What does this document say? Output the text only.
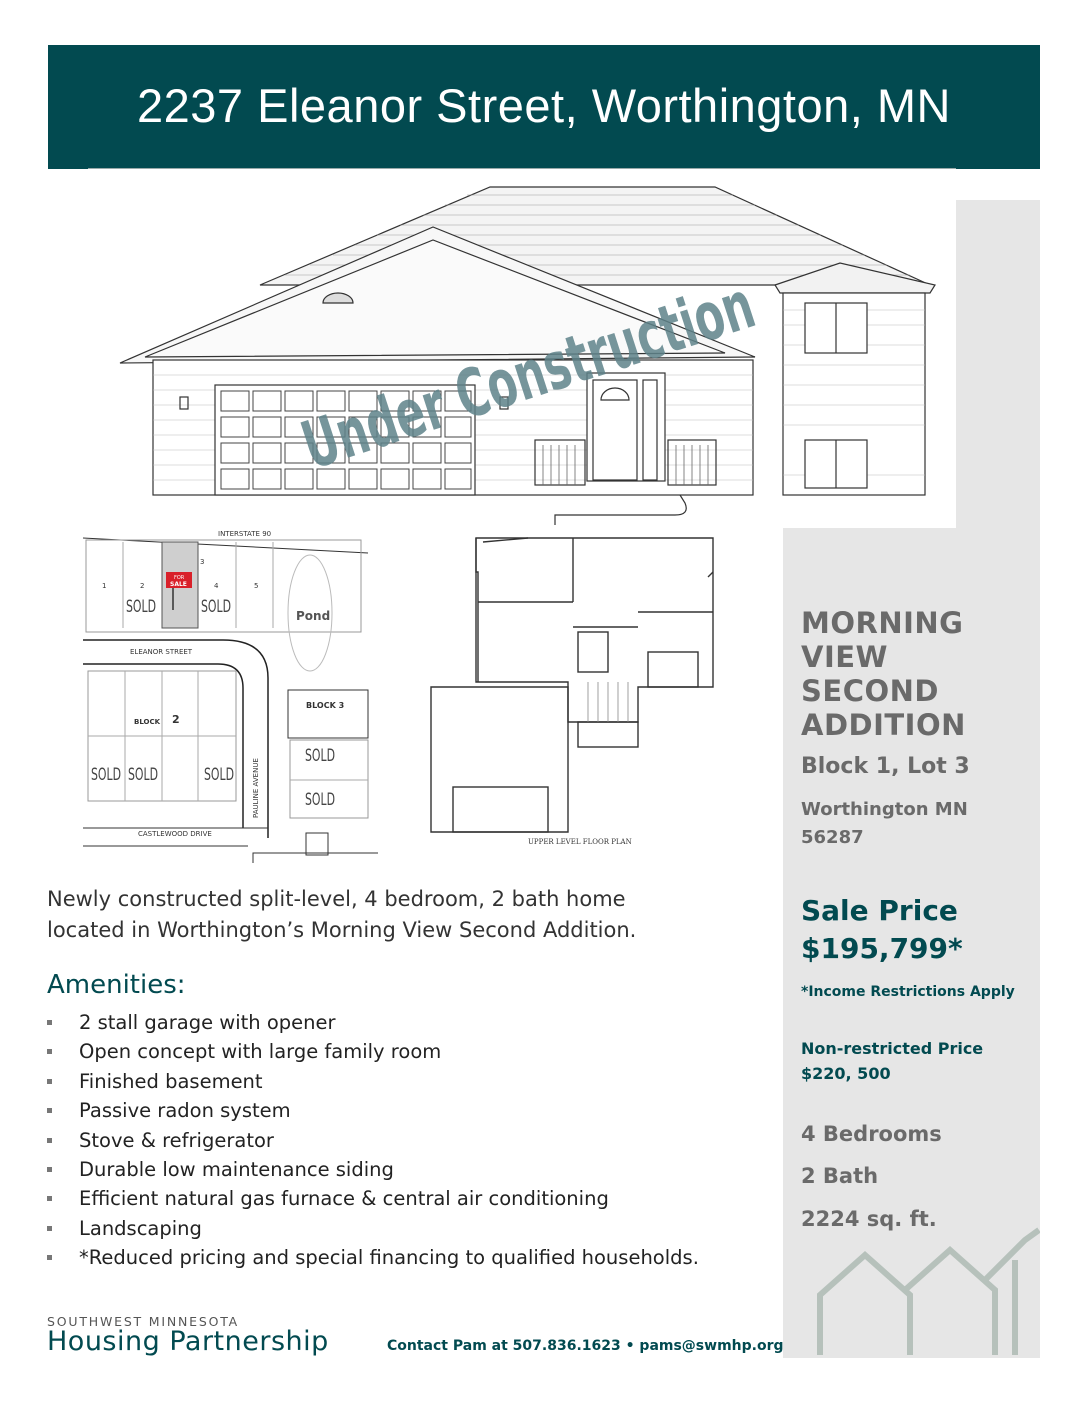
2237 Eleanor Street, Worthington, MN
Under Construction
INTERSTATE 90
ELEANOR STREET
PAULINE AVENUE
CASTLEWOOD DRIVE
Pond
BLOCK 2
BLOCK 3
1	2
3
4	5
SOLD	SOLD
SOLD SOLD	SOLD
SOLD
SOLD
FOR
SALE
UPPER LEVEL FLOOR PLAN
MORNING
VIEW
SECOND
ADDITION
Block 1, Lot 3
Worthington MN
56287
Sale Price
$195,799*
*Income Restrictions Apply
Non-restricted Price
$220, 500
4 Bedrooms
2 Bath
2224 sq. ft.
Newly constructed split-level, 4 bedroom, 2 bath home
located in Worthington’s Morning View Second Addition.
Amenities:
2 stall garage with opener
Open concept with large family room
Finished basement
Passive radon system
Stove & refrigerator
Durable low maintenance siding
Efficient natural gas furnace & central air conditioning
Landscaping
*Reduced pricing and special financing to qualified households.
SOUTHWEST MINNESOTA
Housing Partnership	Contact Pam at 507.836.1623 • pams@swmhp.org
